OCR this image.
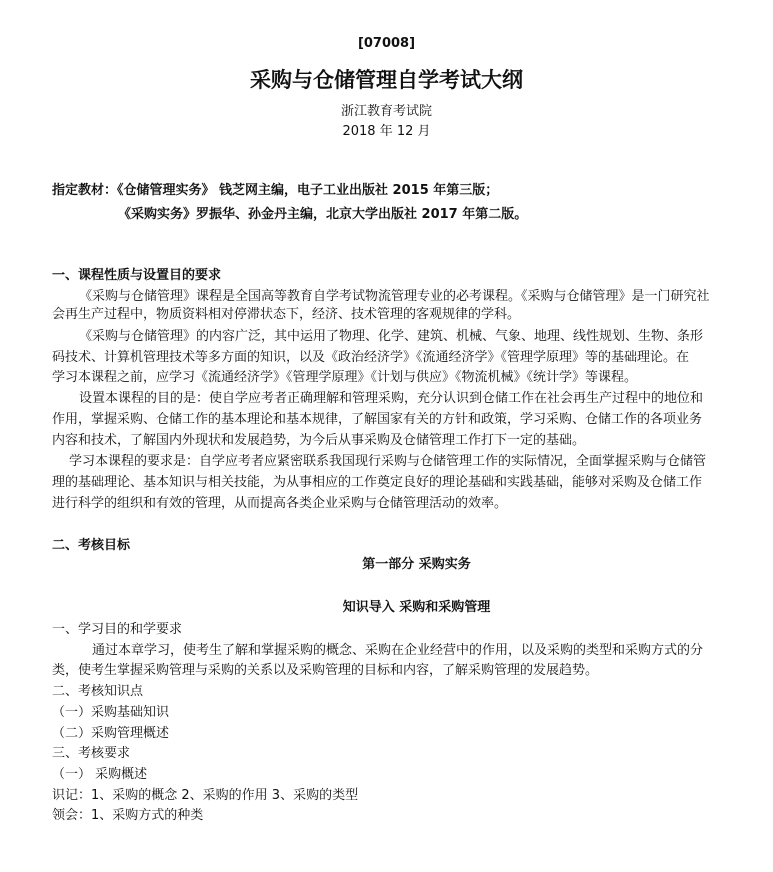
[07008]
采购与仓储管理自学考试大纲
浙江教育考试院
2018 年 12 月
指定教材：《仓储管理实务》 钱芝网主编，电子工业出版社 2015 年第三版；
《采购实务》罗振华、孙金丹主编，北京大学出版社 2017 年第二版。
一、课程性质与设置目的要求
《采购与仓储管理》课程是全国高等教育自学考试物流管理专业的必考课程。《采购与仓储管理》是一门研究社
会再生产过程中，物质资料相对停滞状态下，经济、技术管理的客观规律的学科。
《采购与仓储管理》的内容广泛，其中运用了物理、化学、建筑、机械、气象、地理、线性规划、生物、条形
码技术、计算机管理技术等多方面的知识，以及《政治经济学》《流通经济学》《管理学原理》等的基础理论。在
学习本课程之前，应学习《流通经济学》《管理学原理》《计划与供应》《物流机械》《统计学》等课程。
设置本课程的目的是：使自学应考者正确理解和管理采购，充分认识到仓储工作在社会再生产过程中的地位和
作用，掌握采购、仓储工作的基本理论和基本规律，了解国家有关的方针和政策，学习采购、仓储工作的各项业务
内容和技术，了解国内外现状和发展趋势，为今后从事采购及仓储管理工作打下一定的基础。
学习本课程的要求是：自学应考者应紧密联系我国现行采购与仓储管理工作的实际情况，全面掌握采购与仓储管
理的基础理论、基本知识与相关技能，为从事相应的工作奠定良好的理论基础和实践基础，能够对采购及仓储工作
进行科学的组织和有效的管理，从而提高各类企业采购与仓储管理活动的效率。
二、考核目标
第一部分 采购实务
知识导入 采购和采购管理
一、学习目的和学要求
通过本章学习，使考生了解和掌握采购的概念、采购在企业经营中的作用，以及采购的类型和采购方式的分
类，使考生掌握采购管理与采购的关系以及采购管理的目标和内容，了解采购管理的发展趋势。
二、考核知识点
（一）采购基础知识
（二）采购管理概述
三、考核要求
（一） 采购概述
识记：1、采购的概念 2、采购的作用 3、采购的类型
领会：1、采购方式的种类
